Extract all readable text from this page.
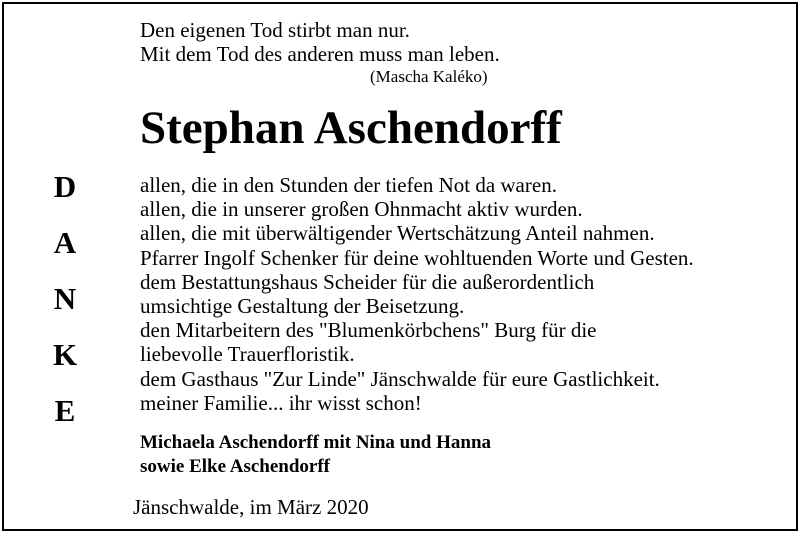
Den eigenen Tod stirbt man nur.
Mit dem Tod des anderen muss man leben.
(Mascha Kaléko)
Stephan Aschendorff
D
A
N
K
E
allen, die in den Stunden der tiefen Not da waren.
allen, die in unserer großen Ohnmacht aktiv wurden.
allen, die mit überwältigender Wertschätzung Anteil nahmen.
Pfarrer Ingolf Schenker für deine wohltuenden Worte und Gesten.
dem Bestattungshaus Scheider für die außerordentlich
umsichtige Gestaltung der Beisetzung.
den Mitarbeitern des "Blumenkörbchens" Burg für die
liebevolle Trauerfloristik.
dem Gasthaus "Zur Linde" Jänschwalde für eure Gastlichkeit.
meiner Familie... ihr wisst schon!
Michaela Aschendorff mit Nina und Hanna
sowie Elke Aschendorff
Jänschwalde, im März 2020
